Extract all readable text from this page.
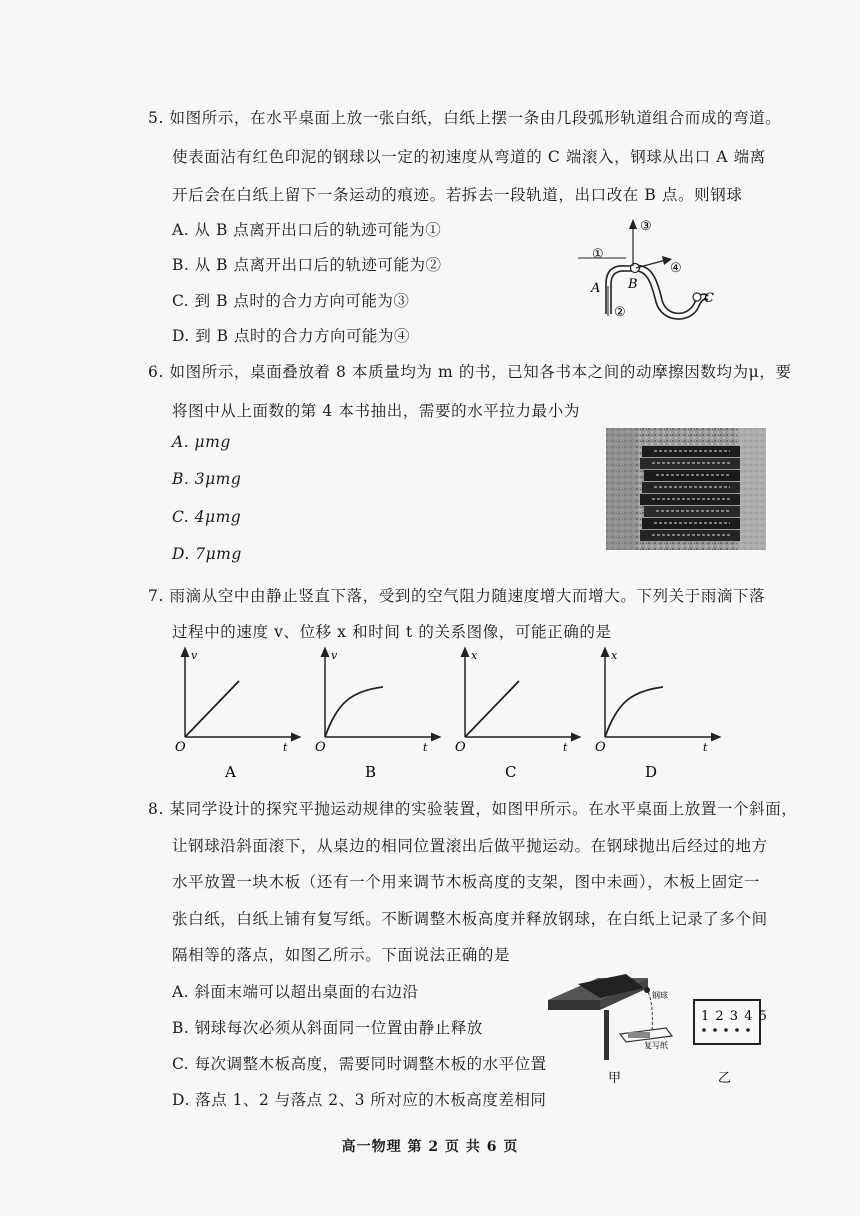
5. 如图所示，在水平桌面上放一张白纸，白纸上摆一条由几段弧形轨道组合而成的弯道。
使表面沾有红色印泥的钢球以一定的初速度从弯道的 C 端滚入，钢球从出口 A 端离
开后会在白纸上留下一条运动的痕迹。若拆去一段轨道，出口改在 B 点。则钢球
A. 从 B 点离开出口后的轨迹可能为①
B. 从 B 点离开出口后的轨迹可能为②
C. 到 B 点时的合力方向可能为③
D. 到 B 点时的合力方向可能为④
①
②
③
④
A B
C
6. 如图所示，桌面叠放着 8 本质量均为 m 的书，已知各书本之间的动摩擦因数均为μ，要
将图中从上面数的第 4 本书抽出，需要的水平拉力最小为
A. μmg
B. 3μmg
C. 4μmg
D. 7μmg
7. 雨滴从空中由静止竖直下落，受到的空气阻力随速度增大而增大。下列关于雨滴下落
过程中的速度 v、位移 x 和时间 t 的关系图像，可能正确的是
v
t
O
A
v
t
O
B
x
t
O
C
x
t
O
D
8. 某同学设计的探究平抛运动规律的实验装置，如图甲所示。在水平桌面上放置一个斜面，
让钢球沿斜面滚下，从桌边的相同位置滚出后做平抛运动。在钢球抛出后经过的地方
水平放置一块木板（还有一个用来调节木板高度的支架，图中未画），木板上固定一
张白纸，白纸上铺有复写纸。不断调整木板高度并释放钢球，在白纸上记录了多个间
隔相等的落点，如图乙所示。下面说法正确的是
A. 斜面末端可以超出桌面的右边沿
B. 钢球每次必须从斜面同一位置由静止释放
C. 每次调整木板高度，需要同时调整木板的水平位置
D. 落点 1、2 与落点 2、3 所对应的木板高度差相同
钢球
复写纸
甲
1 2 3 4 5
乙
高一物理 第 2 页 共 6 页
